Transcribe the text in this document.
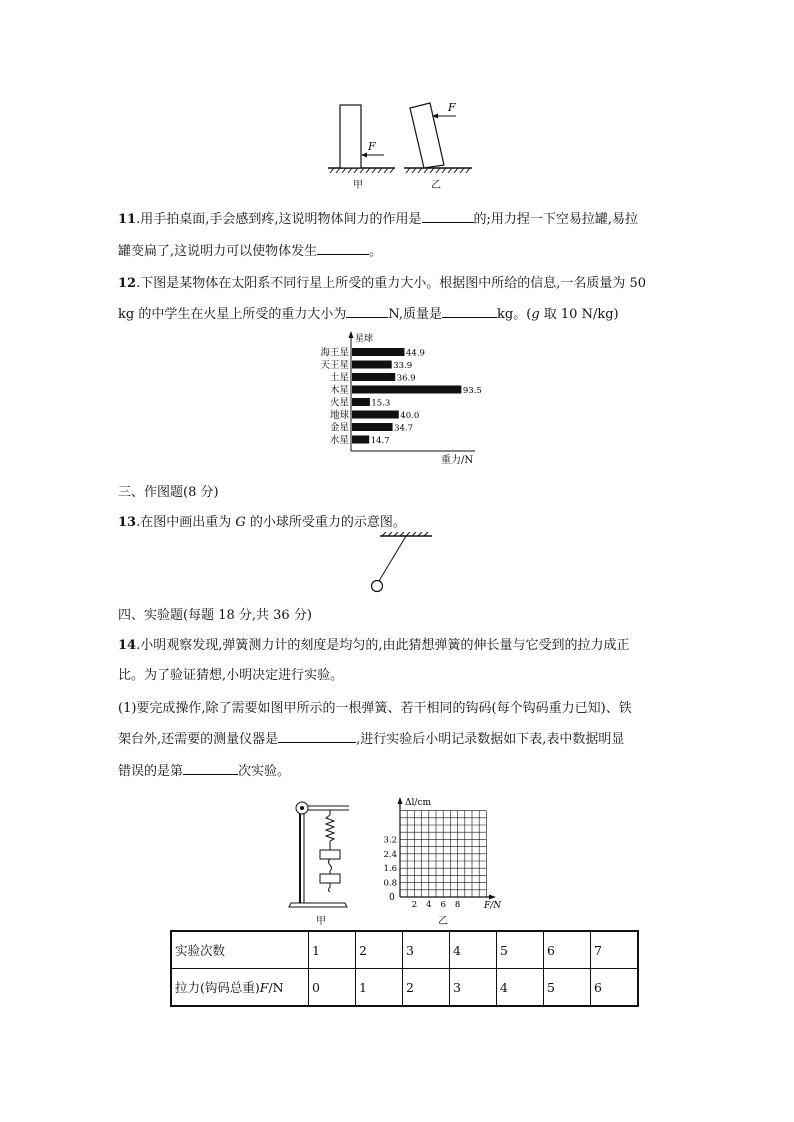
F
F
甲	乙
11.用手拍桌面,手会感到疼,这说明物体间力的作用是	的;用力捏一下空易拉罐,易拉
罐变扁了,这说明力可以使物体发生	。
12.下图是某物体在太阳系不同行星上所受的重力大小。根据图中所给的信息,一名质量为 50
kg 的中学生在火星上所受的重力大小为	N,质量是	kg。(g 取 10 N/kg)
星球
重力/N
海王星	44.9
天王星	33.9
土星	36.9
木星	93.5
火星	15.3
地球	40.0
金星	34.7
水星	14.7
三、作图题(8 分)
13.在图中画出重为 G 的小球所受重力的示意图。
四、实验题(每题 18 分,共 36 分)
14.小明观察发现,弹簧测力计的刻度是均匀的,由此猜想弹簧的伸长量与它受到的拉力成正
比。为了验证猜想,小明决定进行实验。
(1)要完成操作,除了需要如图甲所示的一根弹簧、若干相同的钩码(每个钩码重力已知)、铁
架台外,还需要的测量仪器是	,进行实验后小明记录数据如下表,表中数据明显
错误的是第	次实验。
甲
Δl/cm
F/N
0
3.2
2.4
1.6
0.8
2 4 6 8
乙
实验次数	1	2	3	4	5	6	7
拉力(钩码总重)F/N	0	1	2	3	4	5	6
